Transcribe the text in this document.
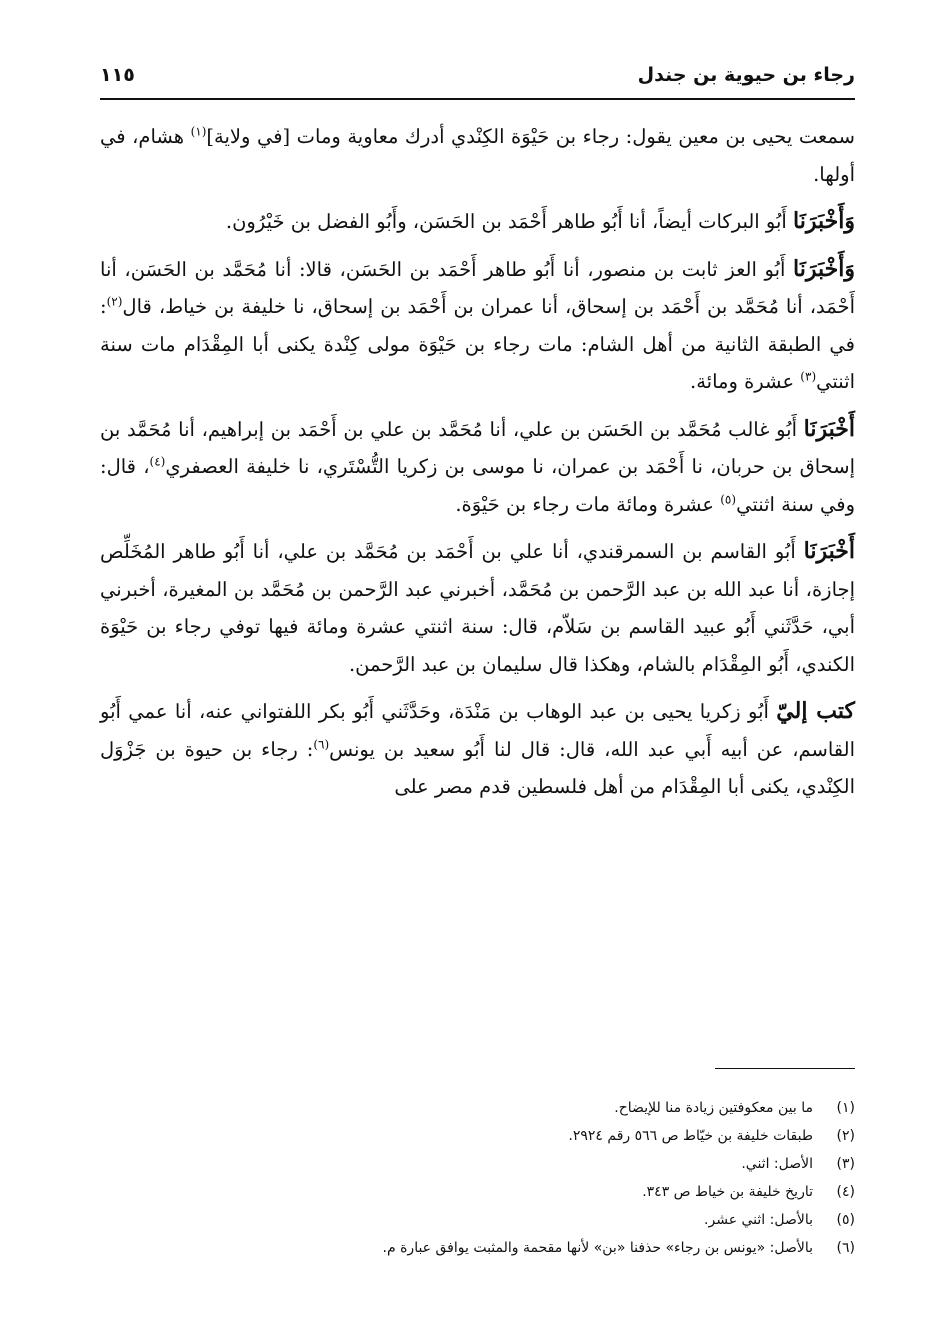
رجاء بن حيوية بن جندل
١١٥

سمعت يحيى بن معين يقول: رجاء بن حَيْوَة الكِنْدي أدرك معاوية ومات [في ولاية]$^{(١)}$ هشام، في أولها.

وَأَخْبَرَنَا أَبُو البركات أيضاً، أنا أَبُو طاهر أَحْمَد بن الحَسَن، وأَبُو الفضل بن خَيْرُون.

وَأَخْبَرَنَا أَبُو العز ثابت بن منصور، أنا أَبُو طاهر أَحْمَد بن الحَسَن، قالا: أنا مُحَمَّد بن الحَسَن، أنا أَحْمَد، أنا مُحَمَّد بن أَحْمَد بن إسحاق، أنا عمران بن أَحْمَد بن إسحاق، نا خليفة بن خياط، قال$^{(٢)}$: في الطبقة الثانية من أهل الشام: مات رجاء بن حَيْوَة مولى كِنْدة يكنى أبا المِقْدَام مات سنة اثنتي$^{(٣)}$ عشرة ومائة.

أَخْبَرَنَا أَبُو غالب مُحَمَّد بن الحَسَن بن علي، أنا مُحَمَّد بن علي بن أَحْمَد بن إبراهيم، أنا مُحَمَّد بن إسحاق بن حربان، نا أَحْمَد بن عمران، نا موسى بن زكريا التُّسْتَري، نا خليفة العصفري$^{(٤)}$، قال: وفي سنة اثنتي$^{(٥)}$ عشرة ومائة مات رجاء بن حَيْوَة.

أَخْبَرَنَا أَبُو القاسم بن السمرقندي، أنا علي بن أَحْمَد بن مُحَمَّد بن علي، أنا أَبُو طاهر المُخَلِّص إجازة، أنا عبد الله بن عبد الرَّحمن بن مُحَمَّد، أخبرني عبد الرَّحمن بن مُحَمَّد بن المغيرة، أخبرني أبي، حَدَّثَني أَبُو عبيد القاسم بن سَلاّم، قال: سنة اثنتي عشرة ومائة فيها توفي رجاء بن حَيْوَة الكندي، أَبُو المِقْدَام بالشام، وهكذا قال سليمان بن عبد الرَّحمن.

كتب إليّ أَبُو زكريا يحيى بن عبد الوهاب بن مَنْدَة، وحَدَّثَني أَبُو بكر اللفتواني عنه، أنا عمي أَبُو القاسم، عن أبيه أَبي عبد الله، قال: قال لنا أَبُو سعيد بن يونس$^{(٦)}$: رجاء بن حيوة بن جَزْوَل الكِنْدي، يكنى أبا المِقْدَام من أهل فلسطين قدم مصر على

(١)
ما بين معكوفتين زيادة منا للإيضاح.
(٢)
طبقات خليفة بن خيّاط ص ٥٦٦ رقم ٢٩٢٤.
(٣)
الأصل: اثني.
(٤)
تاريخ خليفة بن خياط ص ٣٤٣.
(٥)
بالأصل: اثني عشر.
(٦)
بالأصل: «يونس بن رجاء» حذفنا «بن» لأنها مقحمة والمثبت يوافق عبارة م.
